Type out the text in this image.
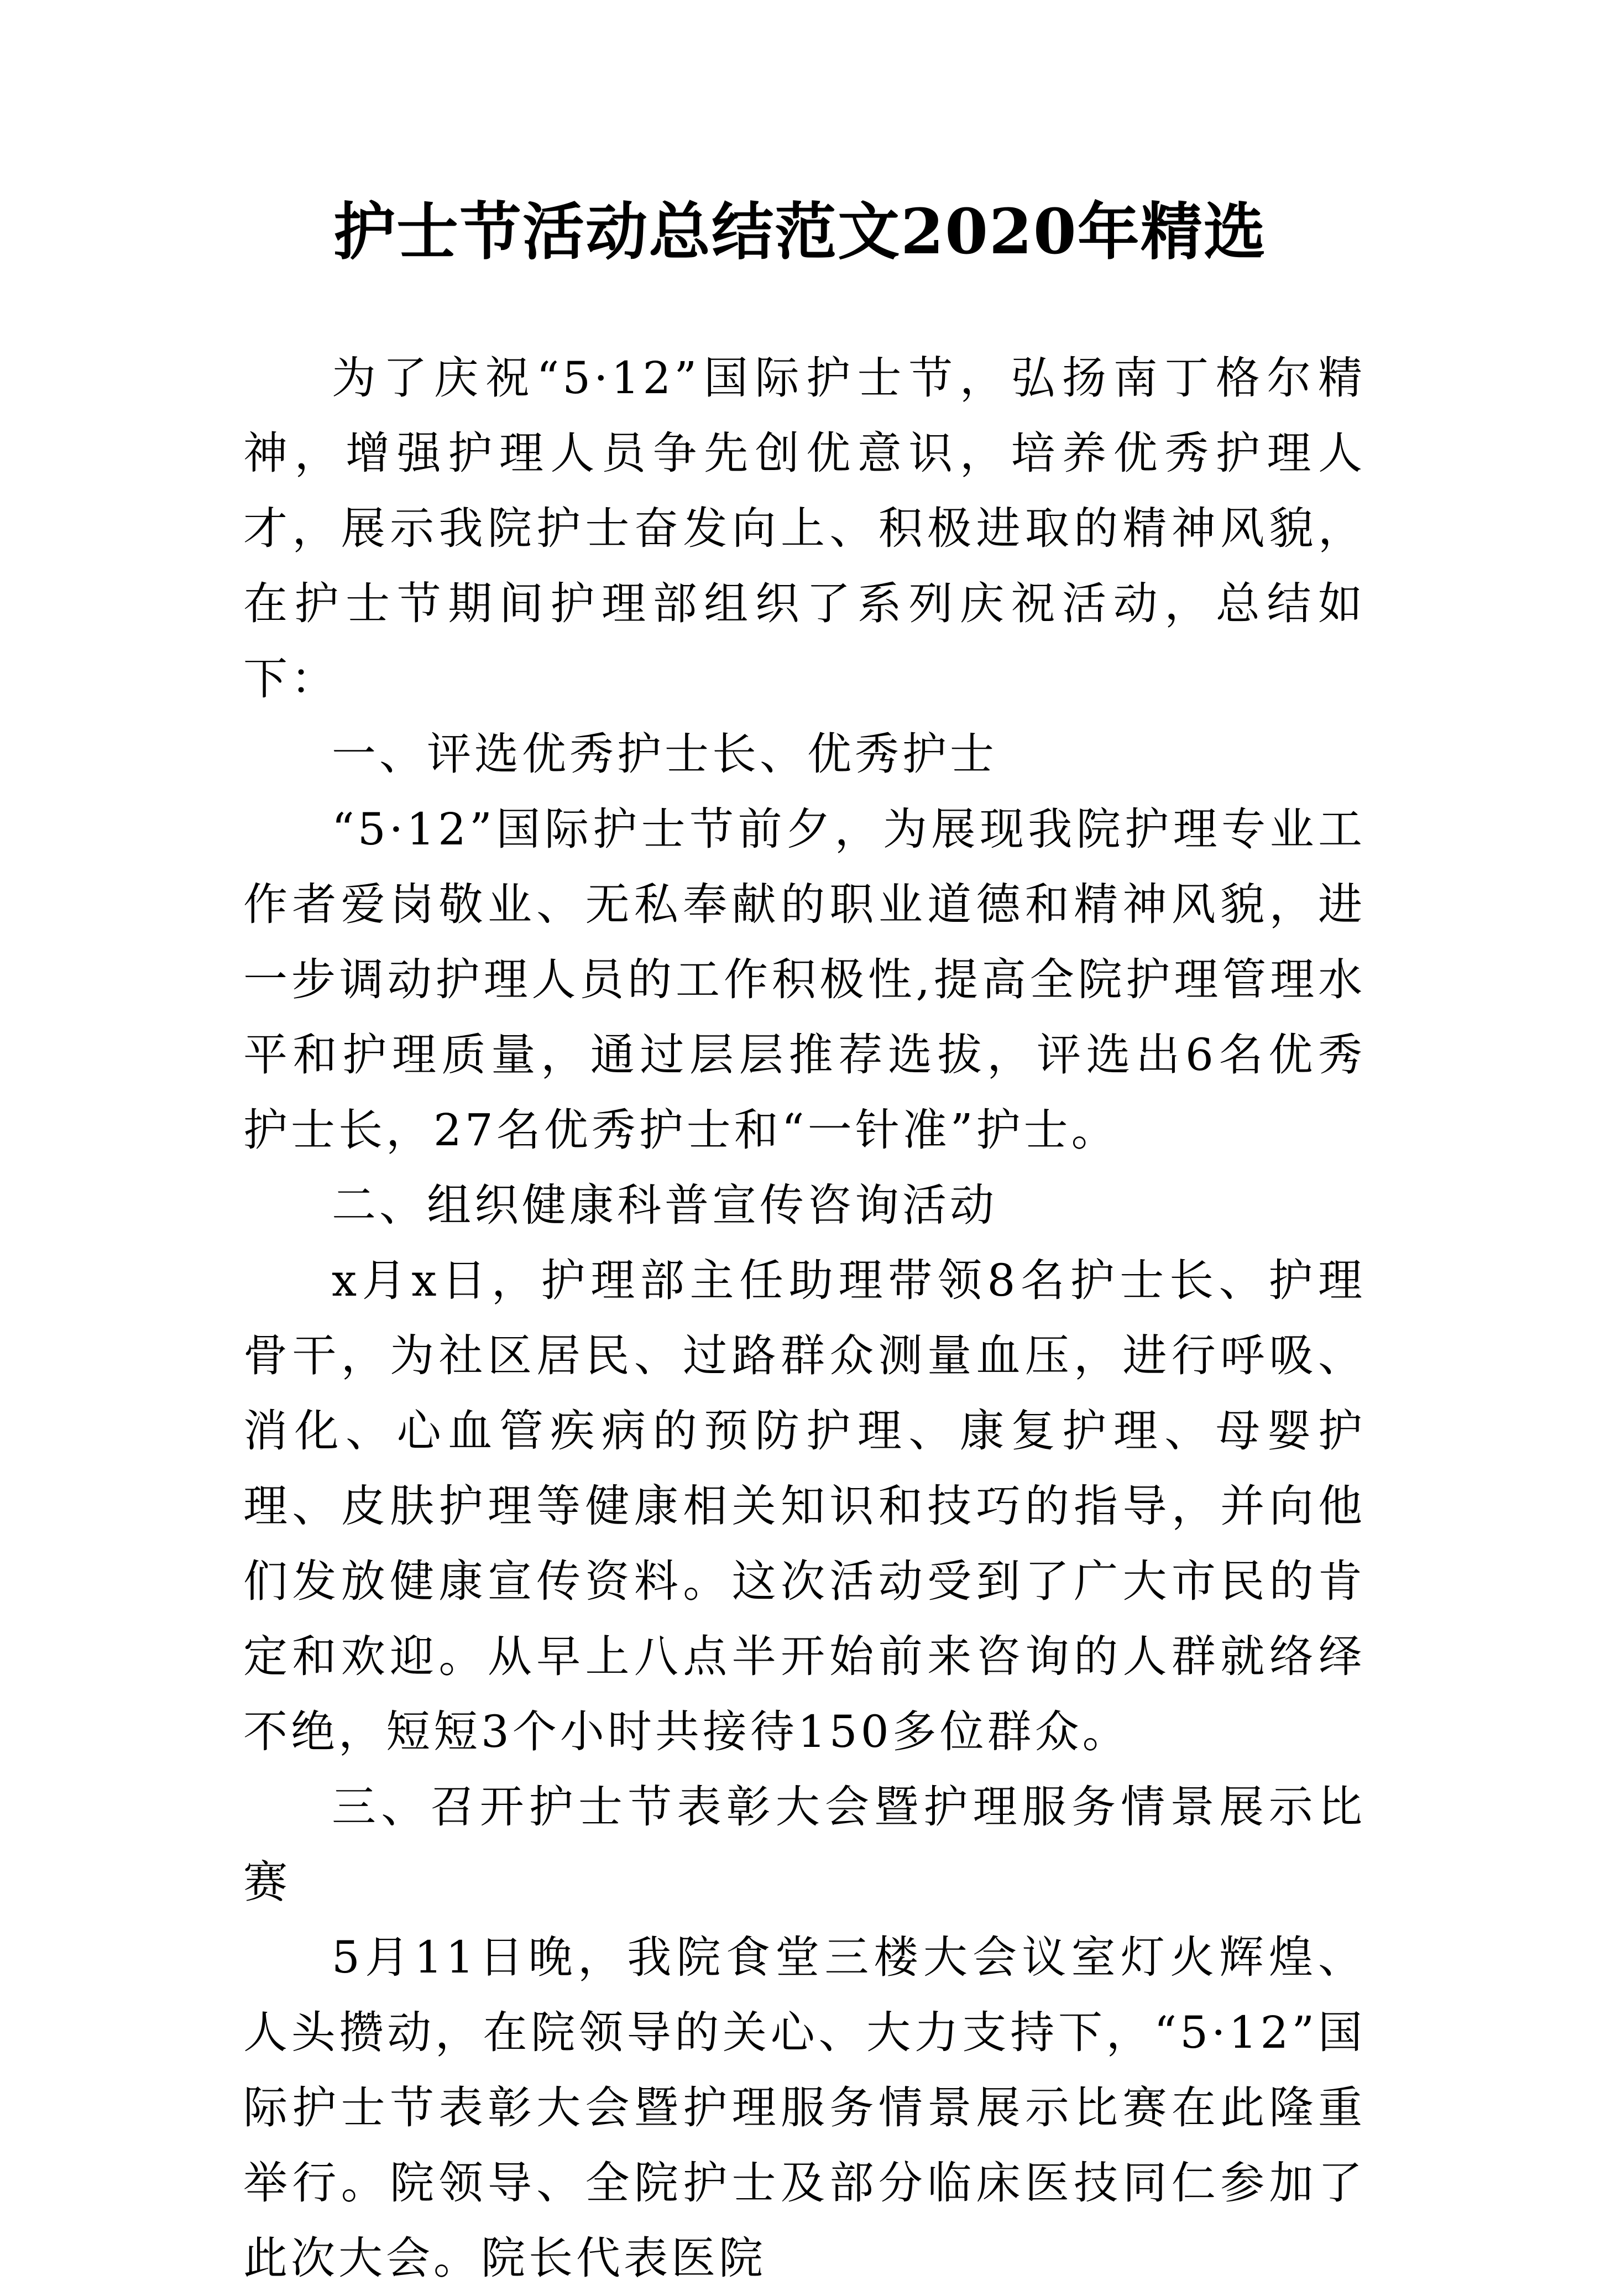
护士节活动总结范文2020年精选

为了庆祝“5·12”国际护士节，弘扬南丁格尔精神，增强护理人员争先创优意识，培养优秀护理人才，展示我院护士奋发向上、积极进取的精神风貌，在护士节期间护理部组织了系列庆祝活动，总结如下：

一、评选优秀护士长、优秀护士

“5·12”国际护士节前夕，为展现我院护理专业工作者爱岗敬业、无私奉献的职业道德和精神风貌，进一步调动护理人员的工作积极性,提高全院护理管理水平和护理质量，通过层层推荐选拔，评选出6名优秀护士长，27名优秀护士和“一针准”护士。

二、组织健康科普宣传咨询活动

x月x日，护理部主任助理带领8名护士长、护理骨干，为社区居民、过路群众测量血压，进行呼吸、消化、心血管疾病的预防护理、康复护理、母婴护理、皮肤护理等健康相关知识和技巧的指导，并向他们发放健康宣传资料。这次活动受到了广大市民的肯定和欢迎。从早上八点半开始前来咨询的人群就络绎不绝，短短3个小时共接待150多位群众。

三、召开护士节表彰大会暨护理服务情景展示比赛

5月11日晚，我院食堂三楼大会议室灯火辉煌、人头攒动，在院领导的关心、大力支持下，“5·12”国际护士节表彰大会暨护理服务情景展示比赛在此隆重举行。院领导、全院护士及部分临床医技同仁参加了此次大会。院长代表医院
